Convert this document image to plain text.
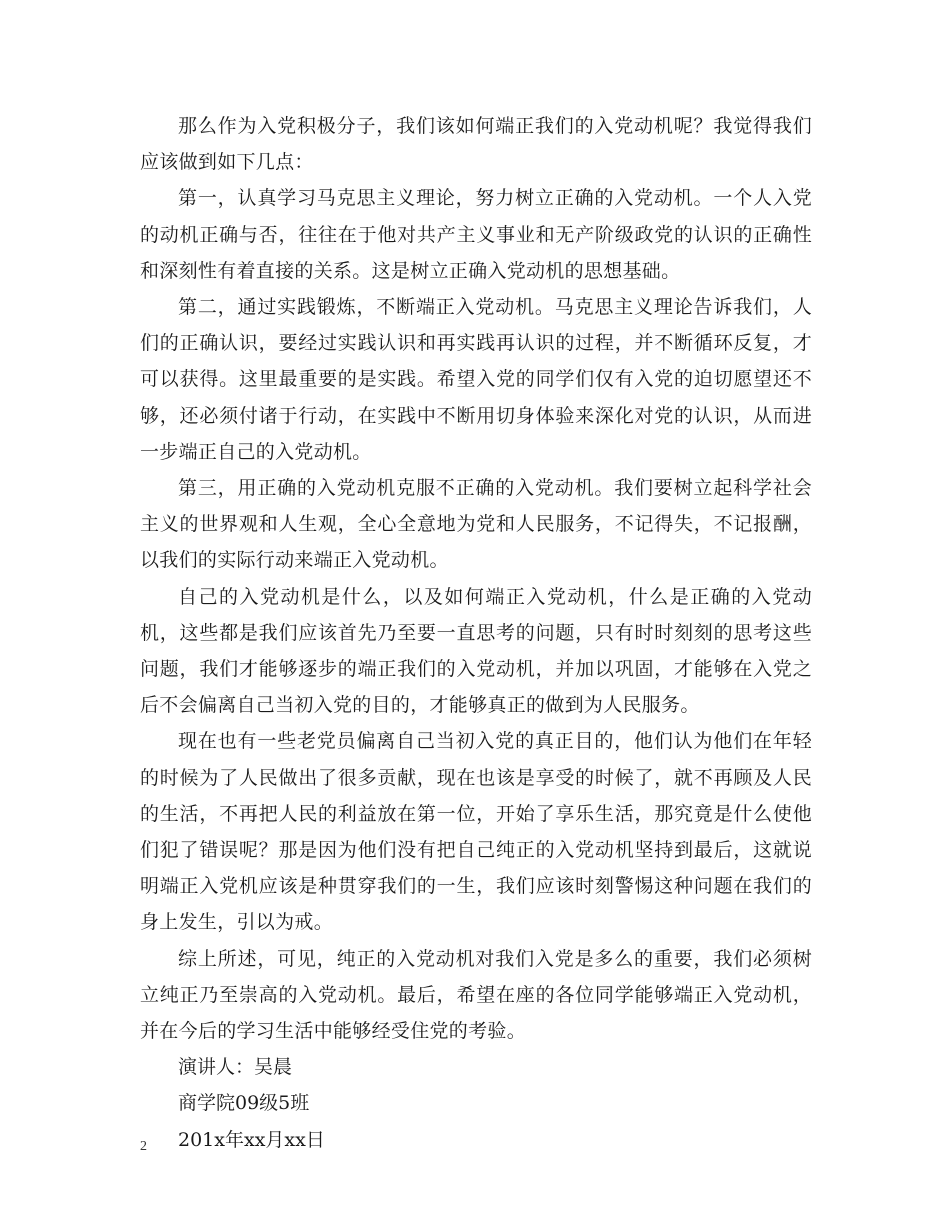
那么作为入党积极分子，我们该如何端正我们的入党动机呢？我觉得我们应该做到如下几点：

第一，认真学习马克思主义理论，努力树立正确的入党动机。一个人入党的动机正确与否，往往在于他对共产主义事业和无产阶级政党的认识的正确性和深刻性有着直接的关系。这是树立正确入党动机的思想基础。

第二，通过实践锻炼，不断端正入党动机。马克思主义理论告诉我们，人们的正确认识，要经过实践认识和再实践再认识的过程，并不断循环反复，才可以获得。这里最重要的是实践。希望入党的同学们仅有入党的迫切愿望还不够，还必须付诸于行动，在实践中不断用切身体验来深化对党的认识，从而进一步端正自己的入党动机。

第三，用正确的入党动机克服不正确的入党动机。我们要树立起科学社会主义的世界观和人生观，全心全意地为党和人民服务，不记得失，不记报酬，以我们的实际行动来端正入党动机。

自己的入党动机是什么，以及如何端正入党动机，什么是正确的入党动机，这些都是我们应该首先乃至要一直思考的问题，只有时时刻刻的思考这些问题，我们才能够逐步的端正我们的入党动机，并加以巩固，才能够在入党之后不会偏离自己当初入党的目的，才能够真正的做到为人民服务。

现在也有一些老党员偏离自己当初入党的真正目的，他们认为他们在年轻的时候为了人民做出了很多贡献，现在也该是享受的时候了，就不再顾及人民的生活，不再把人民的利益放在第一位，开始了享乐生活，那究竟是什么使他们犯了错误呢？那是因为他们没有把自己纯正的入党动机坚持到最后，这就说明端正入党机应该是种贯穿我们的一生，我们应该时刻警惕这种问题在我们的身上发生，引以为戒。

综上所述，可见，纯正的入党动机对我们入党是多么的重要，我们必须树立纯正乃至崇高的入党动机。最后，希望在座的各位同学能够端正入党动机，并在今后的学习生活中能够经受住党的考验。

演讲人：吴晨

商学院09级5班

201x年xx月xx日

2
